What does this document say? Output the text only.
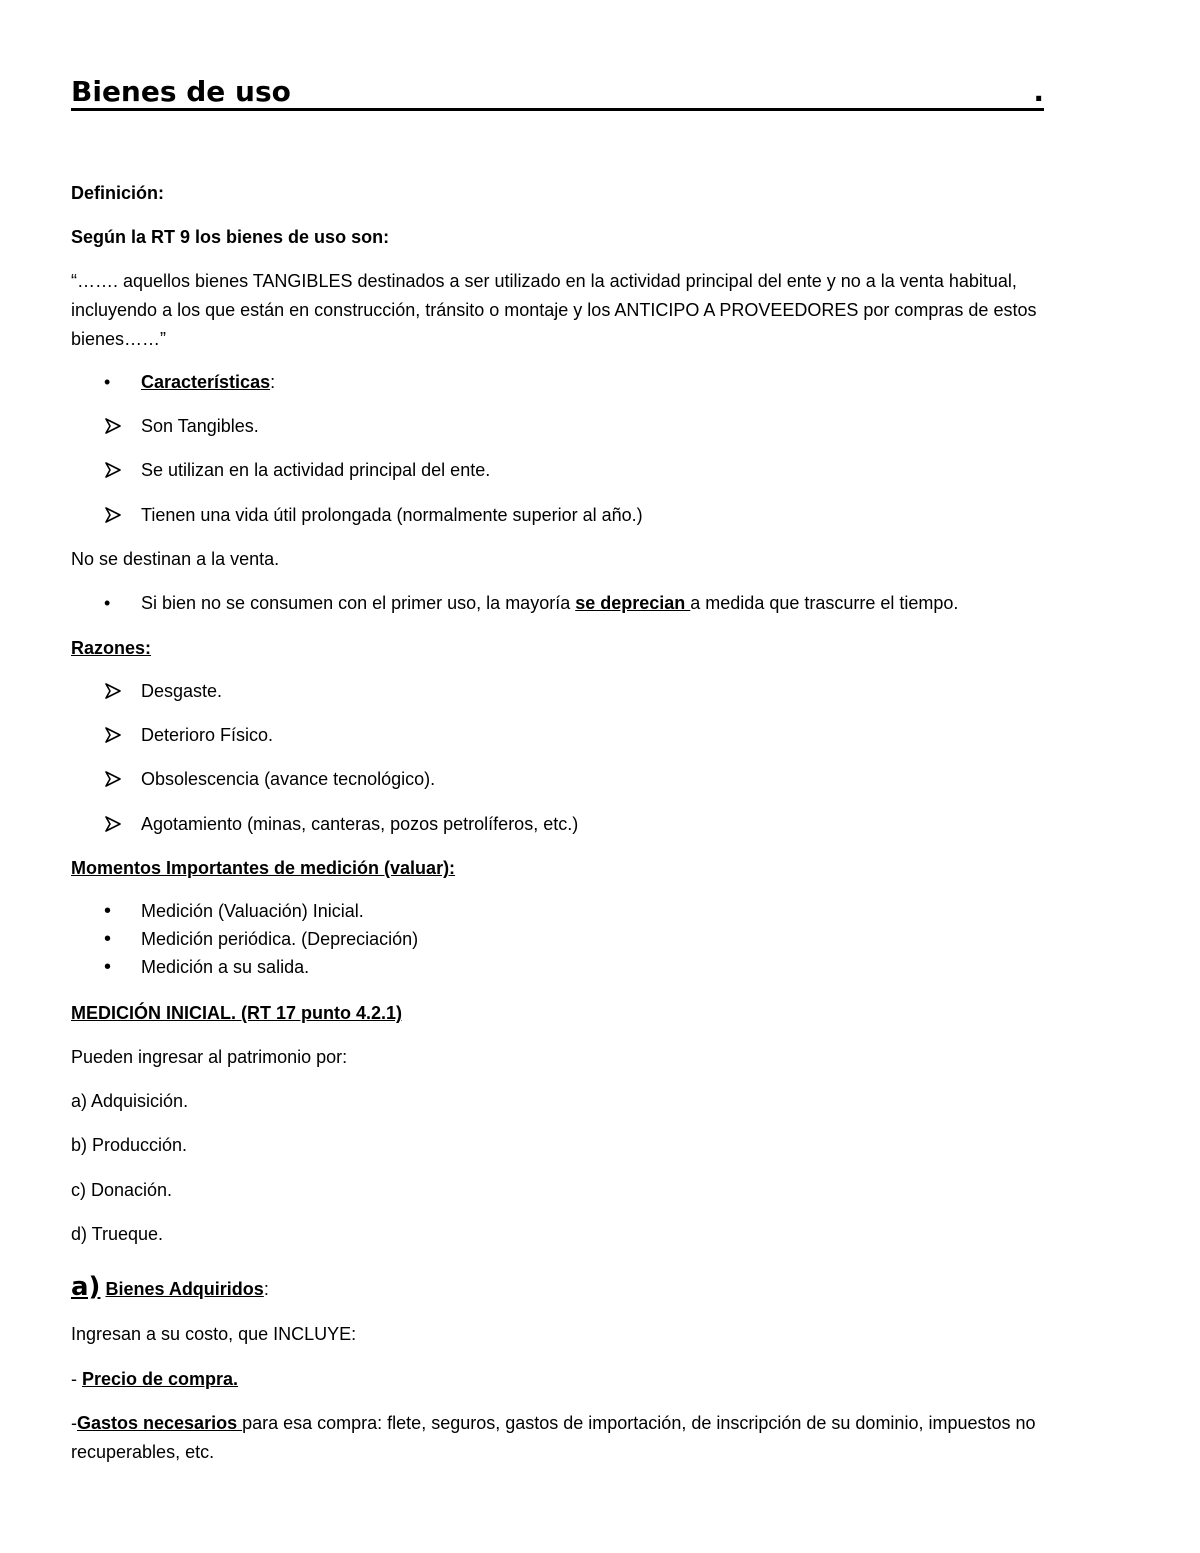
Bienes de uso	.
Definición:
Según la RT 9 los bienes de uso son:
“……. aquellos bienes TANGIBLES destinados a ser utilizado en la actividad principal del ente y no a la venta habitual,
incluyendo a los que están en construcción, tránsito o montaje y los ANTICIPO A PROVEEDORES por compras de estos
bienes……”
• Características:
Son Tangibles.
Se utilizan en la actividad principal del ente.
Tienen una vida útil prolongada (normalmente superior al año.)
No se destinan a la venta.
• Si bien no se consumen con el primer uso, la mayoría se deprecian a medida que trascurre el tiempo.
Razones:
Desgaste.
Deterioro Físico.
Obsolescencia (avance tecnológico).
Agotamiento (minas, canteras, pozos petrolíferos, etc.)
Momentos Importantes de medición (valuar):
• Medición (Valuación) Inicial.
• Medición periódica. (Depreciación)
• Medición a su salida.
MEDICIÓN INICIAL. (RT 17 punto 4.2.1)
Pueden ingresar al patrimonio por:
a) Adquisición.
b) Producción.
c) Donación.
d) Trueque.
a) Bienes Adquiridos:
Ingresan a su costo, que INCLUYE:
- Precio de compra.
-Gastos necesarios para esa compra: flete, seguros, gastos de importación, de inscripción de su dominio, impuestos no
recuperables, etc.
